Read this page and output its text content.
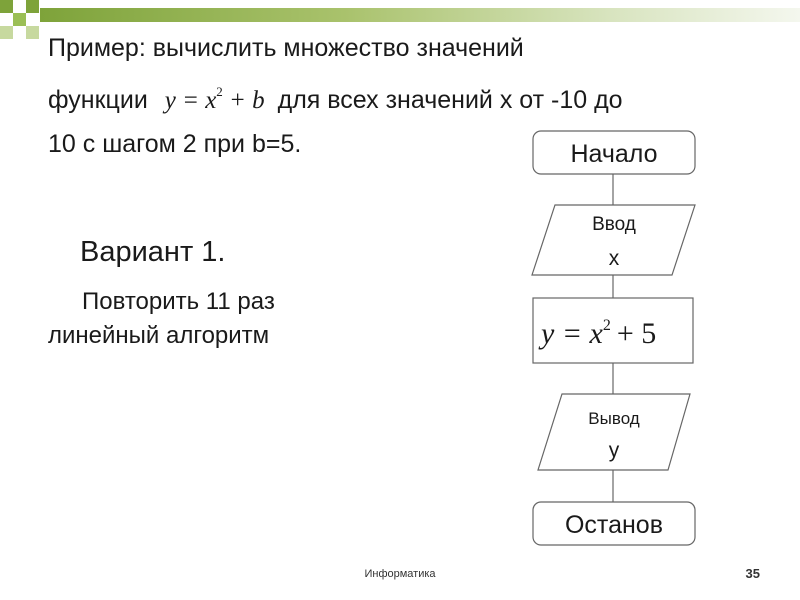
Пример: вычислить множество значений
функции $y = x^2 + b$ для всех значений x от -10 до
10 с шагом 2 при b=5.
Вариант 1.
Повторить 11 раз
линейный алгоритм
Начало
Ввод
x
$y = x^2 + 5$
Вывод
y
Останов
Информатика	35
